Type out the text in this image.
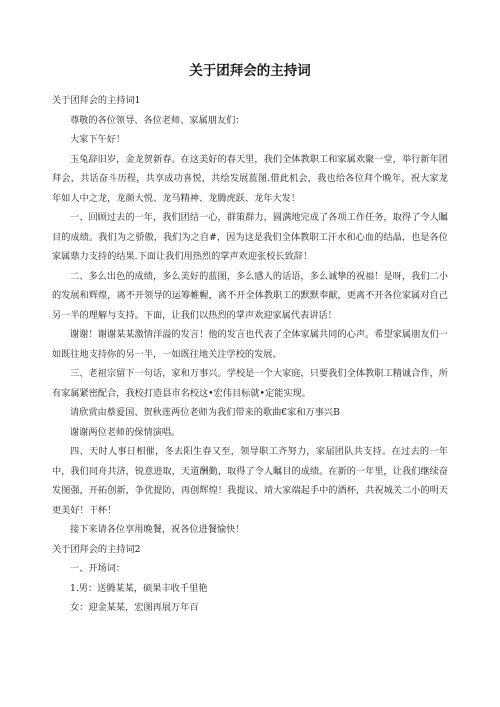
关于团拜会的主持词

关于团拜会的主持词1

尊敬的各位领导、各位老师、家属朋友们：

大家下午好！

玉兔辞旧岁，金龙贺新春。在这美好的春天里，我们全体教职工和家属欢聚一堂，举行新年团拜会，共话奋斗历程，共享成功喜悦，共绘发展蓝图.借此机会，我也给各位拜个晚年，祝大家龙年如人中之龙，龙颜大悦、龙马精神、龙腾虎跃、龙年大发！

一、回顾过去的一年，我们团结一心，群策群力，圆满地完成了各项工作任务，取得了令人瞩目的成绩。我们为之骄傲，我们为之自#，因为这是我们全体教职工汗水和心血的结晶，也是各位家属鼎力支持的结果.下面让我们用热烈的掌声欢迎张校长致辞！

二、多么出色的成绩，多么美好的蓝图，多么感人的话语，多么诚挚的祝福！是呀，我们二小的发展和辉煌，离不开领导的运筹帷幄，离不开全体教职工的默默奉献，更离不开各位家属对自己另一半的理解与支持。下面，让我们以热烈的掌声欢迎家属代表讲话！

谢谢！谢谢某某激情洋溢的发言！他的发言也代表了全体家属共同的心声。希望家属朋友们一如既往地支持你的另一半，一如既往地关注学校的发展。

三、老祖宗留下一句话，家和万事兴。学校是一个大家庭，只要我们全体教职工精诚合作，所有家属紧密配合，我校打造县市名校这•宏伟目标就•定能实现。

请欣赏由蔡爱国、贺秋莲两位老师为我们带来的歌曲€家和万事兴B

谢谢两位老师的保情演唱。

四、天时人事日相催，冬去阳生春又至，领导职工齐努力，家届团队共支持。在过去的一年中，我们同舟共济，锐意进取，天道酬勤，取得了令人瞩目的成绩。在新的一年里，让我们继续奋发图强，开拓创新，争优提防，再创辉煌！我提议，靖大家端起手中的酒杯，共祝城关二小的明天更美好！干杯！

接下来请各位享用晚餐，祝各位进餐愉快！

关于团拜会的主持词2

一、开场词：

1.男：送腾某某，硕果丰收千里艳

女：迎金某某，宏图再展万年百
